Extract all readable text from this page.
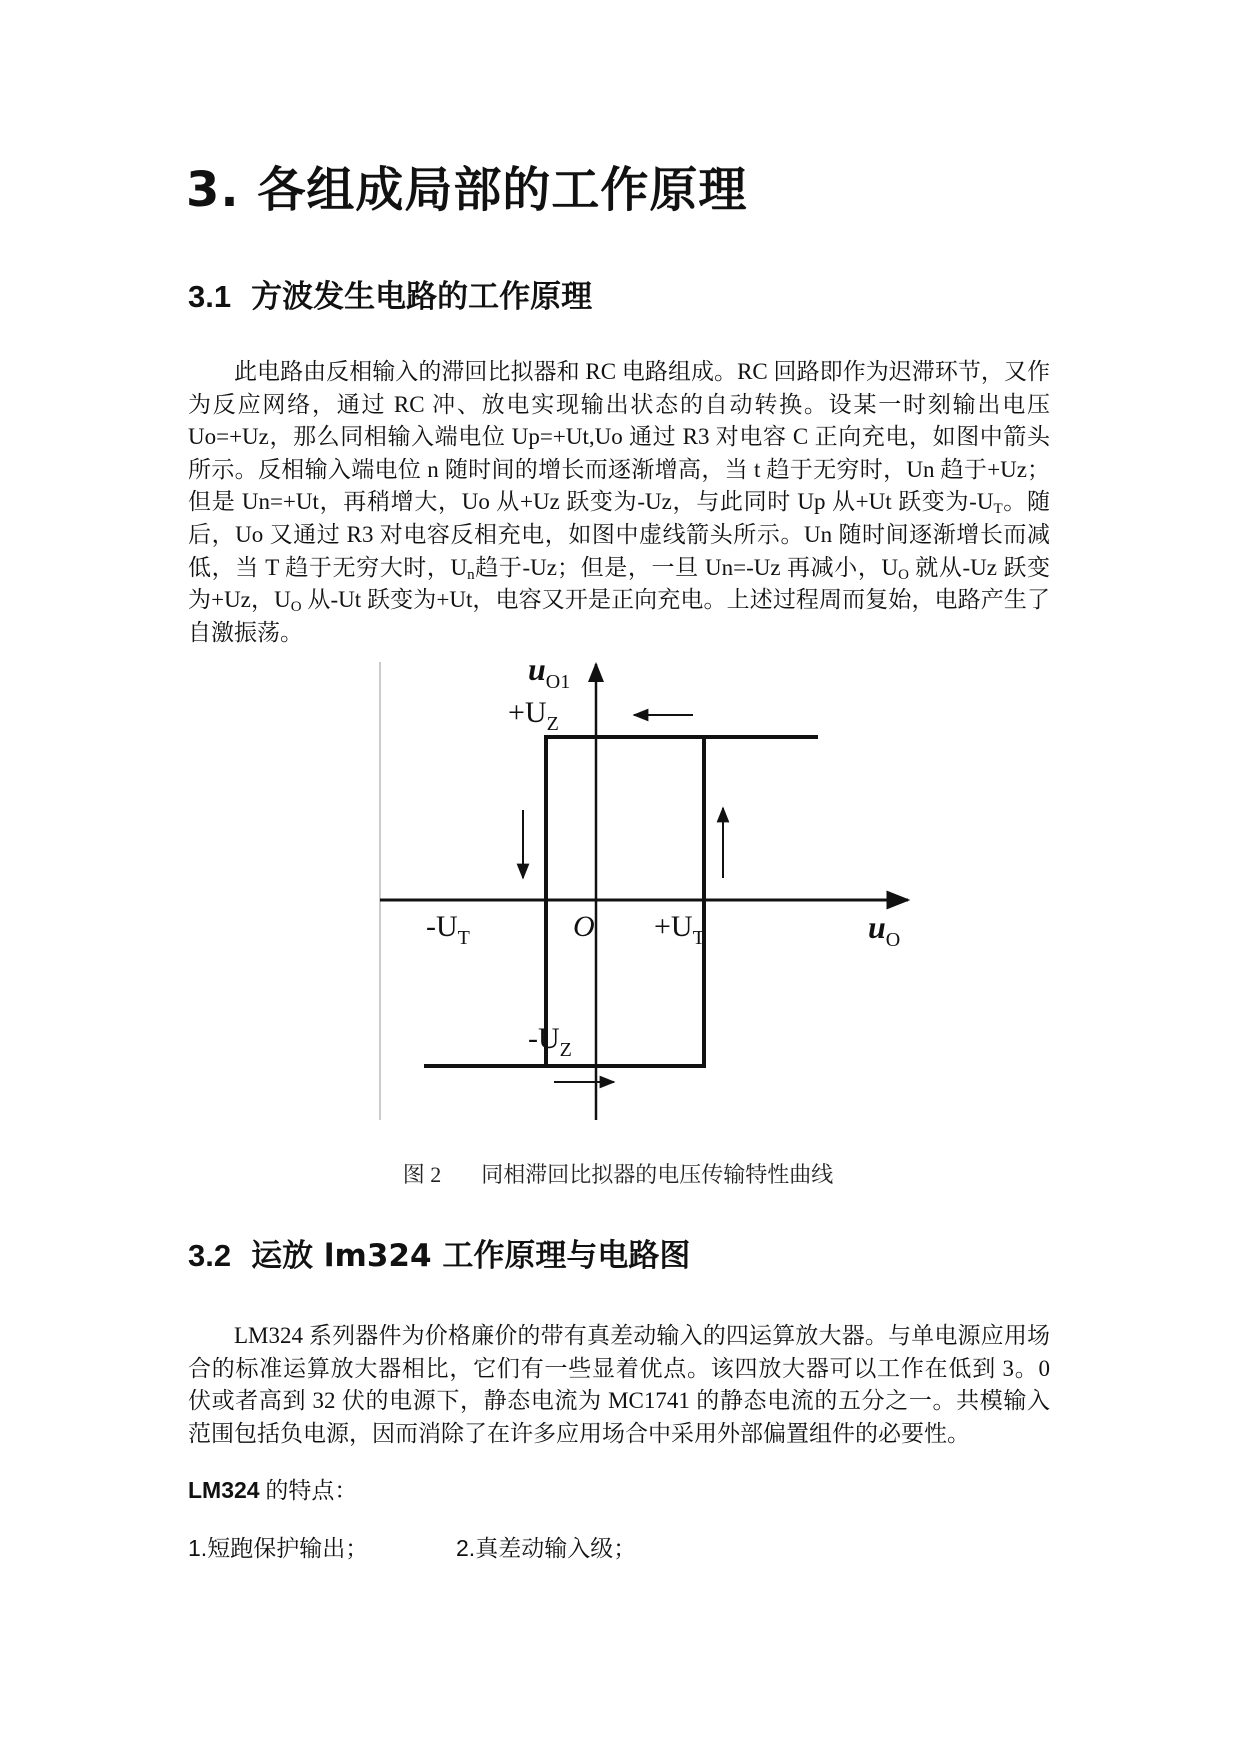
3. 各组成局部的工作原理
3.1 方波发生电路的工作原理
此电路由反相输入的滞回比拟器和 RC 电路组成。RC 回路即作为迟滞环节，又作为反应网络，通过 RC 冲、放电实现输出状态的自动转换。设某一时刻输出电压 Uo=+Uz，那么同相输入端电位 Up=+Ut,Uo 通过 R3 对电容 C 正向充电，如图中箭头所示。反相输入端电位 n 随时间的增长而逐渐增高，当 t 趋于无穷时，Un 趋于+Uz；但是 Un=+Ut，再稍增大，Uo 从+Uz 跃变为-Uz，与此同时 Up 从+Ut 跃变为$-U_T$。随后，Uo 又通过 R3 对电容反相充电，如图中虚线箭头所示。Un 随时间逐渐增长而减低，当 T 趋于无穷大时，$U_n$趋于-Uz；但是，一旦 Un=-Uz 再减小，$U_O$ 就从-Uz 跃变为+Uz，$U_O$ 从-Ut 跃变为+Ut，电容又开是正向充电。上述过程周而复始，电路产生了自激振荡。
$u_{O1}$
$+U_Z$
$-U_T$	$O +U_T$	$u_O$
$-U_Z$
图 2 同相滞回比拟器的电压传输特性曲线
3.2 运放 lm324 工作原理与电路图
LM324 系列器件为价格廉价的带有真差动输入的四运算放大器。与单电源应用场合的标准运算放大器相比，它们有一些显着优点。该四放大器可以工作在低到 3。0 伏或者高到 32 伏的电源下，静态电流为 MC1741 的静态电流的五分之一。共模输入范围包括负电源，因而消除了在许多应用场合中采用外部偏置组件的必要性。
LM324 的特点：
1.短跑保护输出；	2.真差动输入级；
